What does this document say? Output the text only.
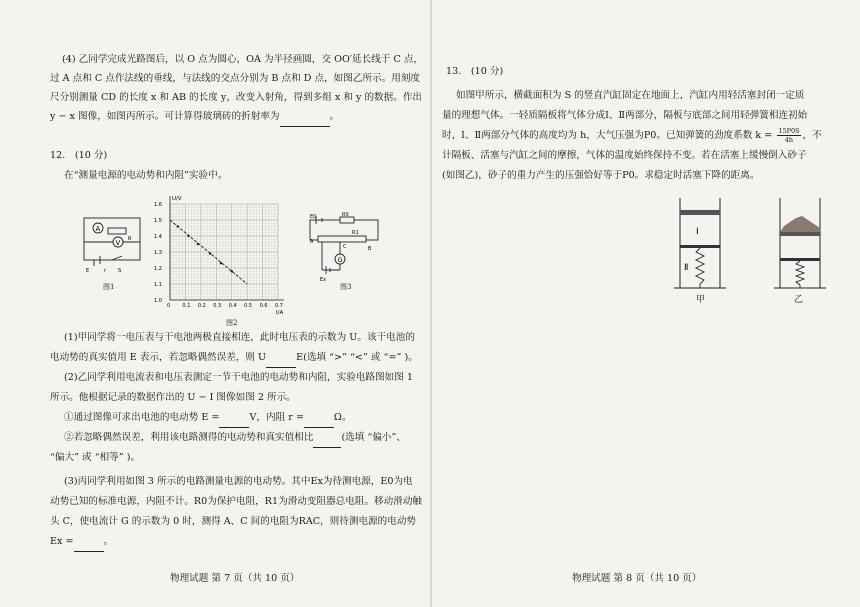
(4) 乙同学完成光路图后，以 O 点为圆心，OA 为半径画圆，交 OO′延长线于 C 点，
过 A 点和 C 点作法线的垂线，与法线的交点分别为 B 点和 D 点，如图乙所示。用刻度
尺分别测量 CD 的长度 x 和 AB 的长度 y，改变入射角，得到多组 x 和 y 的数据。作出
y − x 图像，如图丙所示。可计算得玻璃砖的折射率为	。
12.　(10 分)
在“测量电源的电动势和内阻”实验中。
A
V R
E	r S
图1
0 0.1 0.2 0.3 0.4 0.5 0.6 0.7
1.0
1.1
1.2
1.3
1.4
1.5
1.6
U/V
I/A
图2
G
E0	R0
A
B
C
R1
Ex
图3
(1)甲同学将一电压表与干电池两极直接相连，此时电压表的示数为 U。该干电池的
电动势的真实值用 E 表示，若忽略偶然误差，则 U	E(选填 “>” “<” 或 “=” )。
(2)乙同学利用电流表和电压表测定一节干电池的电动势和内阻，实验电路图如图 1
所示。他根据记录的数据作出的 U − I 图像如图 2 所示。
①通过图像可求出电池的电动势 E =	V，内阻 r =	Ω。
②若忽略偶然误差，利用该电路测得的电动势和真实值相比	(选填 “偏小”、
“偏大” 或 “相等” )。
(3)丙同学利用如图 3 所示的电路测量电源的电动势。其中Ex为待测电源，E0为电
动势已知的标准电源，内阻不计。R0为保护电阻，R1为滑动变阻器总电阻。移动滑动触
头 C，使电流计 G 的示数为 0 时，测得 A、C 间的电阻为RAC，则待测电源的电动势
Ex =	。
物理试题 第 7 页（共 10 页）
13.　(10 分)
如图甲所示，横截面积为 S 的竖直汽缸固定在地面上，汽缸内用轻活塞封闭一定质
量的理想气体。一轻质隔板将气体分成Ⅰ、Ⅱ两部分，隔板与底部之间用轻弹簧相连初始
时，Ⅰ、Ⅱ两部分气体的高度均为 h，大气压强为P0。已知弹簧的劲度系数 $k = \frac{15P0S}{4h}$ ，不
计隔板、活塞与汽缸之间的摩擦，气体的温度始终保持不变。若在活塞上缓慢倒入砂子
(如图乙)，砂子的重力产生的压强恰好等于P0。求稳定时活塞下降的距离。
Ⅰ
Ⅱ
甲	乙
物理试题 第 8 页（共 10 页）
